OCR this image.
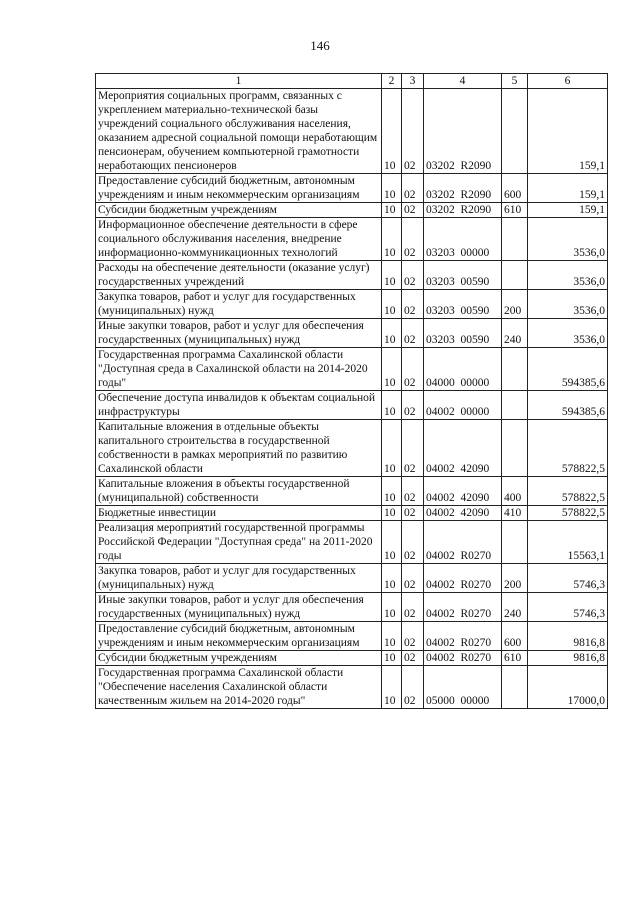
146
1	2	3	4	5	6
Мероприятия социальных программ, связанных с укреплением материально-технической базы учреждений социального обслуживания населения, оказанием адресной социальной помощи неработающим пенсионерам, обучением компьютерной грамотности неработающих пенсионеров	10	02	03202  R2090		159,1
Предоставление субсидий бюджетным, автономным учреждениям и иным некоммерческим организациям	10	02	03202  R2090	600	159,1
Субсидии бюджетным учреждениям	10	02	03202  R2090	610	159,1
Информационное обеспечение деятельности в сфере социального обслуживания населения, внедрение информационно-коммуникационных технологий	10	02	03203  00000		3536,0
Расходы на обеспечение деятельности (оказание услуг) государственных учреждений	10	02	03203  00590		3536,0
Закупка товаров, работ и услуг для государственных (муниципальных) нужд	10	02	03203  00590	200	3536,0
Иные закупки товаров, работ и услуг для обеспечения государственных (муниципальных) нужд	10	02	03203  00590	240	3536,0
Государственная программа Сахалинской области "Доступная среда в Сахалинской области на 2014-2020 годы"	10	02	04000  00000		594385,6
Обеспечение доступа инвалидов к объектам социальной инфраструктуры	10	02	04002  00000		594385,6
Капитальные вложения в отдельные объекты капитального строительства в государственной собственности в рамках мероприятий по развитию Сахалинской области	10	02	04002  42090		578822,5
Капитальные вложения в объекты государственной (муниципальной) собственности	10	02	04002  42090	400	578822,5
Бюджетные инвестиции	10	02	04002  42090	410	578822,5
Реализация мероприятий государственной программы Российской Федерации "Доступная среда" на 2011-2020 годы	10	02	04002  R0270		15563,1
Закупка товаров, работ и услуг для государственных (муниципальных) нужд	10	02	04002  R0270	200	5746,3
Иные закупки товаров, работ и услуг для обеспечения государственных (муниципальных) нужд	10	02	04002  R0270	240	5746,3
Предоставление субсидий бюджетным, автономным учреждениям и иным некоммерческим организациям	10	02	04002  R0270	600	9816,8
Субсидии бюджетным учреждениям	10	02	04002  R0270	610	9816,8
Государственная программа Сахалинской области "Обеспечение населения Сахалинской области качественным жильем на 2014-2020 годы"	10	02	05000  00000		17000,0
